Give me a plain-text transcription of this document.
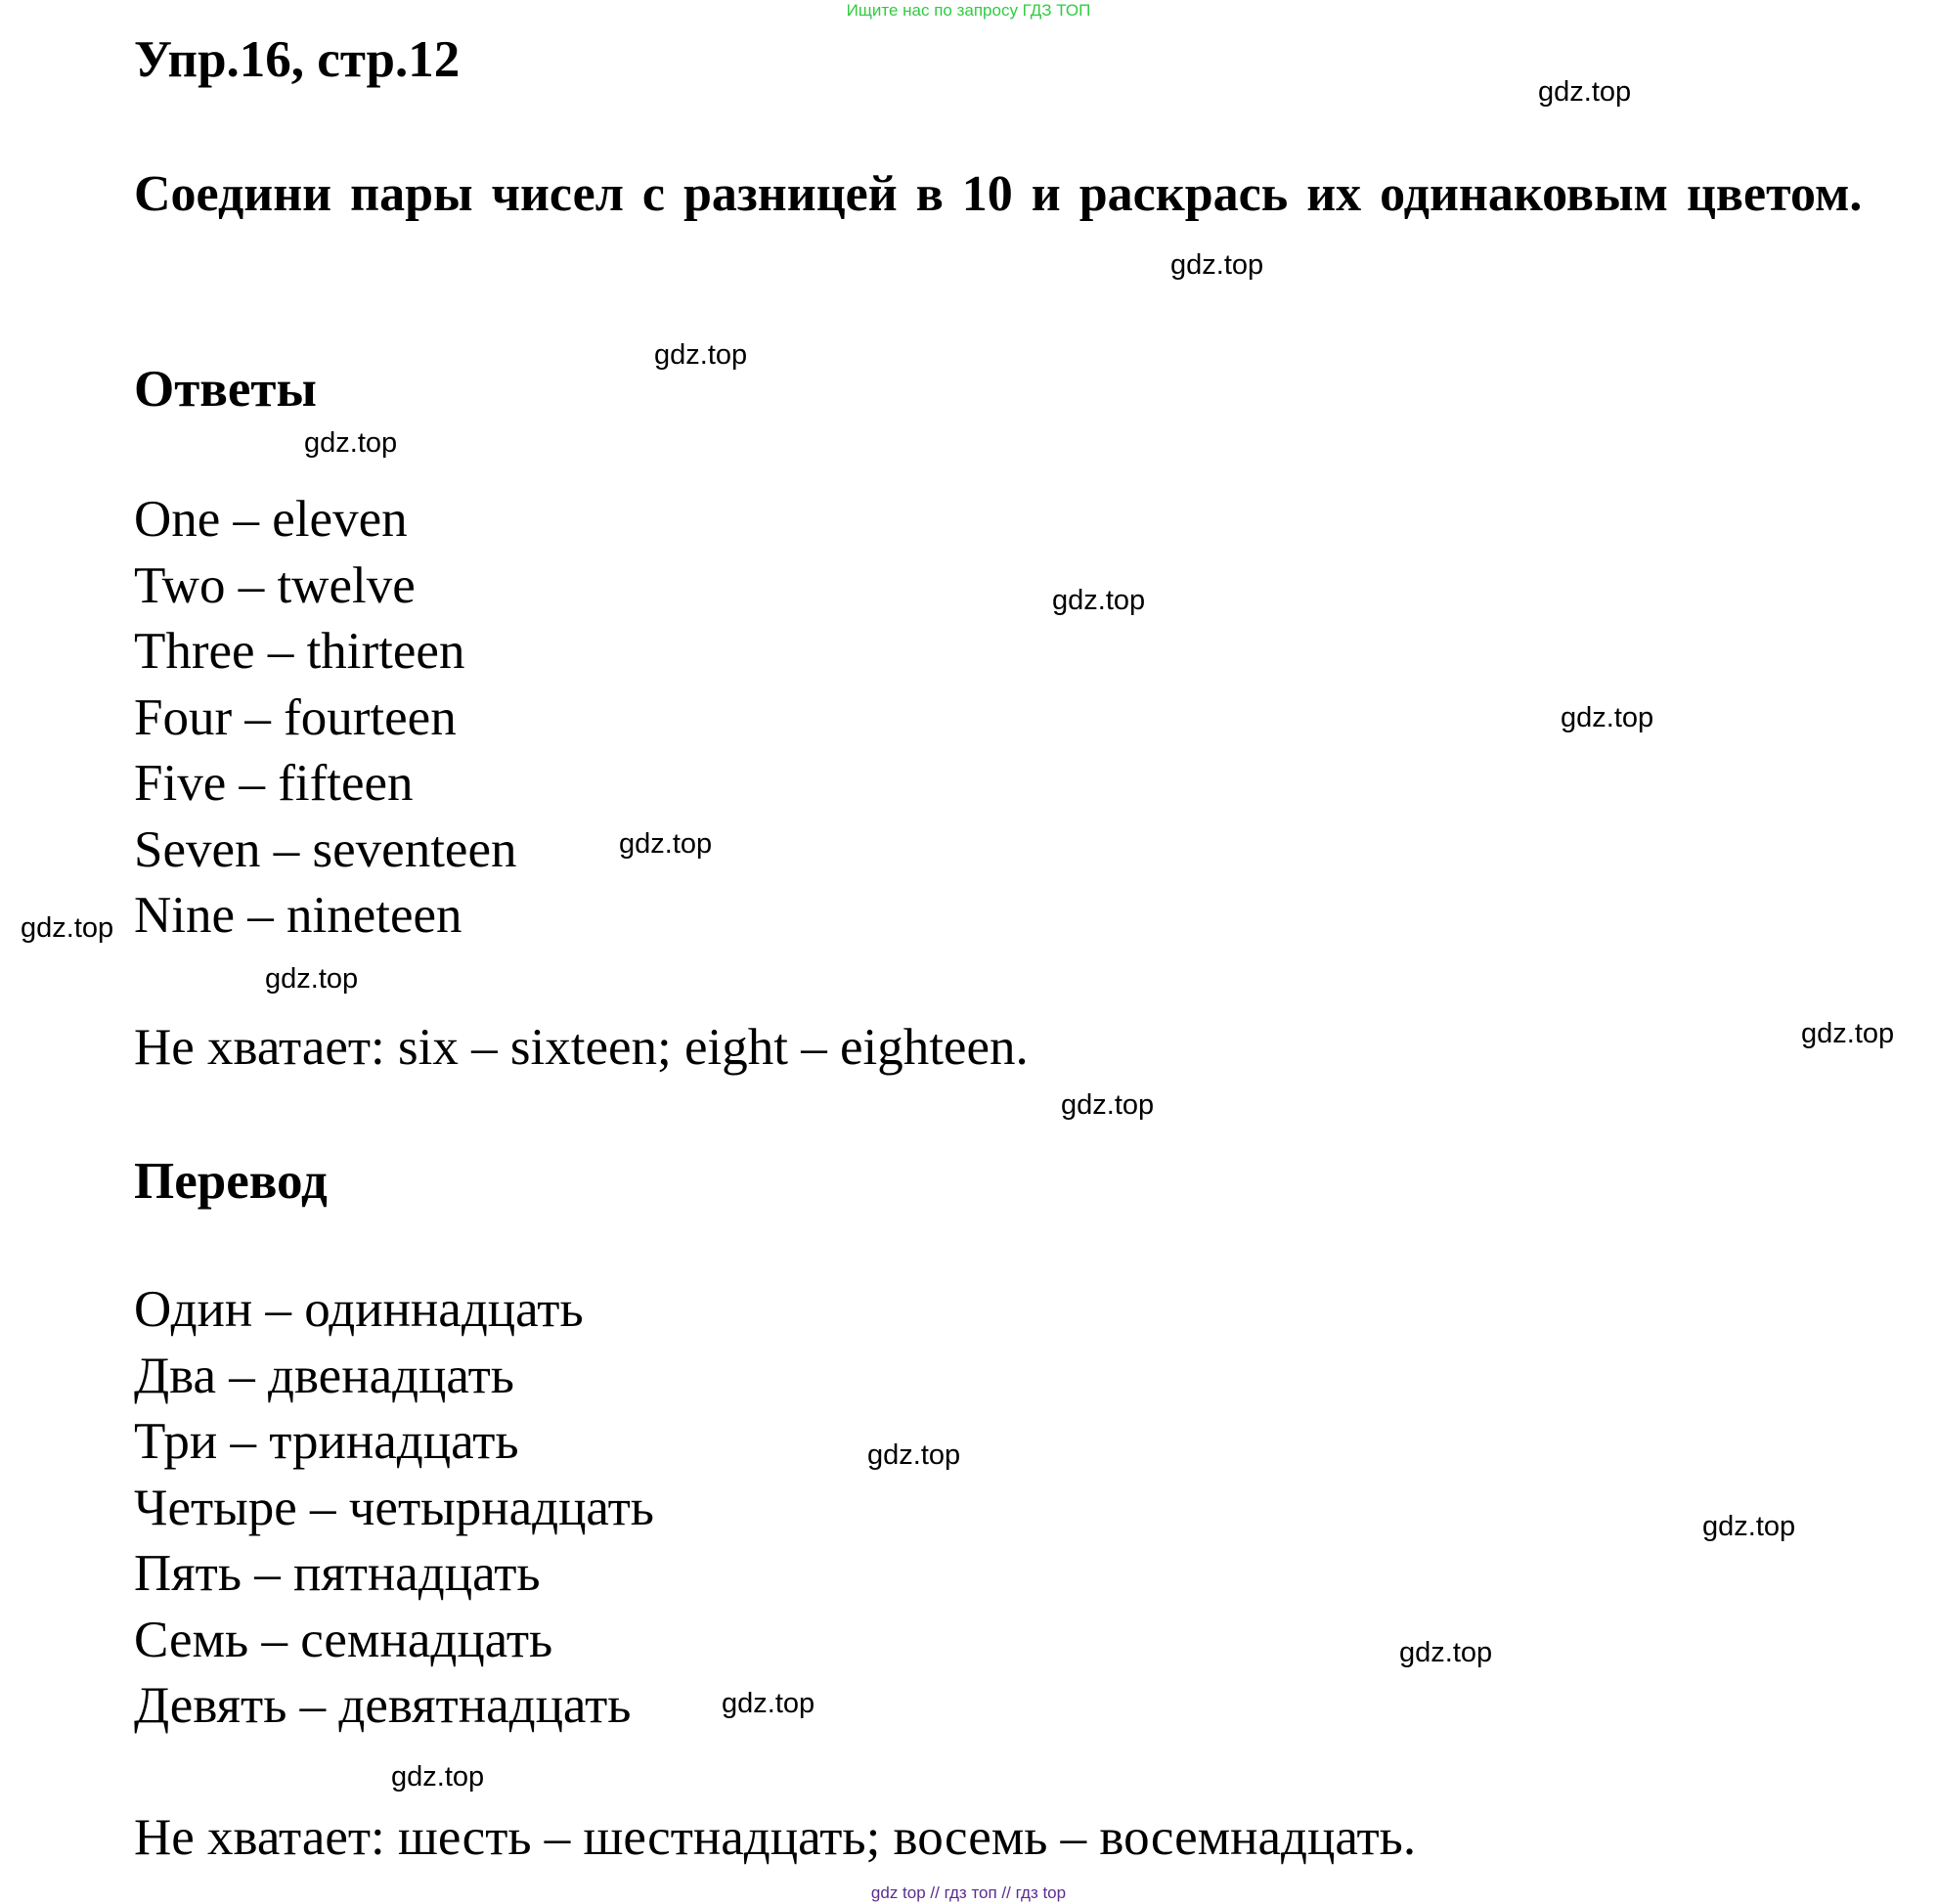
Ищите нас по запросу ГДЗ ТОП
Упр.16, стр.12
Соедини пары чисел с разницей в 10 и раскрась их одинаковым цветом.
Ответы
One – eleven
Two – twelve
Three – thirteen
Four – fourteen
Five – fifteen
Seven – seventeen
Nine – nineteen
Не хватает: six – sixteen; eight – eighteen.
Перевод
Один – одиннадцать
Два – двенадцать
Три – тринадцать
Четыре – четырнадцать
Пять – пятнадцать
Семь – семнадцать
Девять – девятнадцать
Не хватает: шесть – шестнадцать; восемь – восемнадцать.
gdz.top
gdz.top
gdz.top
gdz.top
gdz.top
gdz.top
gdz.top
gdz.top
gdz.top
gdz.top
gdz.top
gdz.top
gdz.top
gdz.top
gdz.top
gdz.top
gdz top // гдз топ // гдз top
